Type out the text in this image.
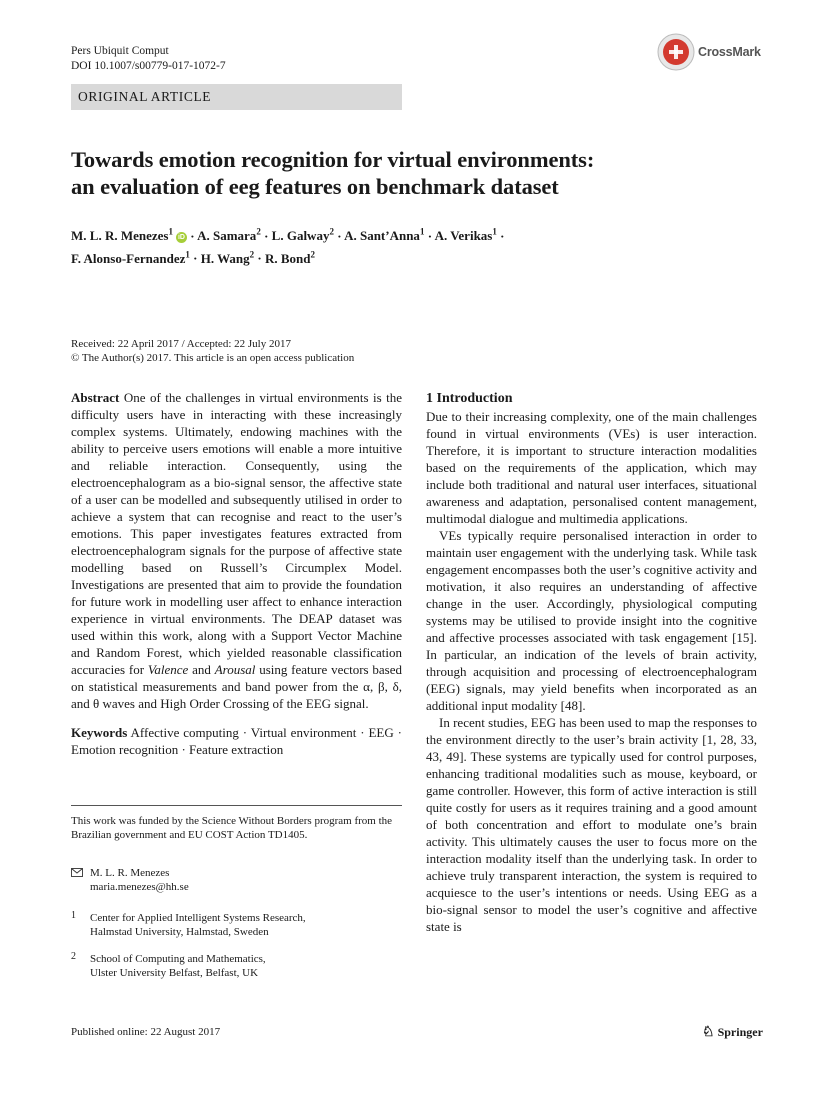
Pers Ubiquit Comput
DOI 10.1007/s00779-017-1072-7
CrossMark
ORIGINAL ARTICLE
Towards emotion recognition for virtual environments:
an evaluation of eeg features on benchmark dataset
M. L. R. Menezes$^1$iD · A. Samara$^2$ · L. Galway$^2$ · A. Sant’Anna$^1$ · A. Verikas$^1$ ·
F. Alonso-Fernandez$^1$ · H. Wang$^2$ · R. Bond$^2$
Received: 22 April 2017 / Accepted: 22 July 2017
© The Author(s) 2017. This article is an open access publication

Abstract One of the challenges in virtual environments is the difficulty users have in interacting with these increasingly complex systems. Ultimately, endowing machines with the ability to perceive users emotions will enable a more intuitive and reliable interaction. Consequently, using the electroencephalogram as a bio-signal sensor, the affective state of a user can be modelled and subsequently utilised in order to achieve a system that can recognise and react to the user’s emotions. This paper investigates features extracted from electroencephalogram signals for the purpose of affective state modelling based on Russell’s Circumplex Model. Investigations are presented that aim to provide the foundation for future work in modelling user affect to enhance interaction experience in virtual environments. The DEAP dataset was used within this work, along with a Support Vector Machine and Random Forest, which yielded reasonable classification accuracies for Valence and Arousal using feature vectors based on statistical measurements and band power from the α, β, δ, and θ waves and High Order Crossing of the EEG signal.

Keywords Affective computing · Virtual environment · EEG · Emotion recognition · Feature extraction

This work was funded by the Science Without Borders program from the Brazilian government and EU COST Action TD1405.
M. L. R. Menezes
maria.menezes@hh.se
1	Center for Applied Intelligent Systems Research,
Halmstad University, Halmstad, Sweden
2	School of Computing and Mathematics,
Ulster University Belfast, Belfast, UK

1 Introduction

Due to their increasing complexity, one of the main challenges found in virtual environments (VEs) is user interaction. Therefore, it is important to structure interaction modalities based on the requirements of the application, which may include both traditional and natural user interfaces, situational awareness and adaptation, personalised content management, multimodal dialogue and multimedia applications.

VEs typically require personalised interaction in order to maintain user engagement with the underlying task. While task engagement encompasses both the user’s cognitive activity and motivation, it also requires an understanding of affective change in the user. Accordingly, physiological computing systems may be utilised to provide insight into the cognitive and affective processes associated with task engagement [15]. In particular, an indication of the levels of brain activity, through acquisition and processing of electroencephalogram (EEG) signals, may yield benefits when incorporated as an additional input modality [48].

In recent studies, EEG has been used to map the responses to the environment directly to the user’s brain activity [1, 28, 33, 43, 49]. These systems are typically used for control purposes, enhancing traditional modalities such as mouse, keyboard, or game controller. However, this form of active interaction is still quite costly for users as it requires training and a good amount of both concentration and effort to modulate one’s brain activity. This ultimately causes the user to focus more on the interaction modality itself than the underlying task. In order to achieve truly transparent interaction, the system is required to acquiesce to the user’s intentions or needs. Using EEG as a bio-signal sensor to model the user’s cognitive and affective state is

Published online: 22 August 2017	♘ Springer
